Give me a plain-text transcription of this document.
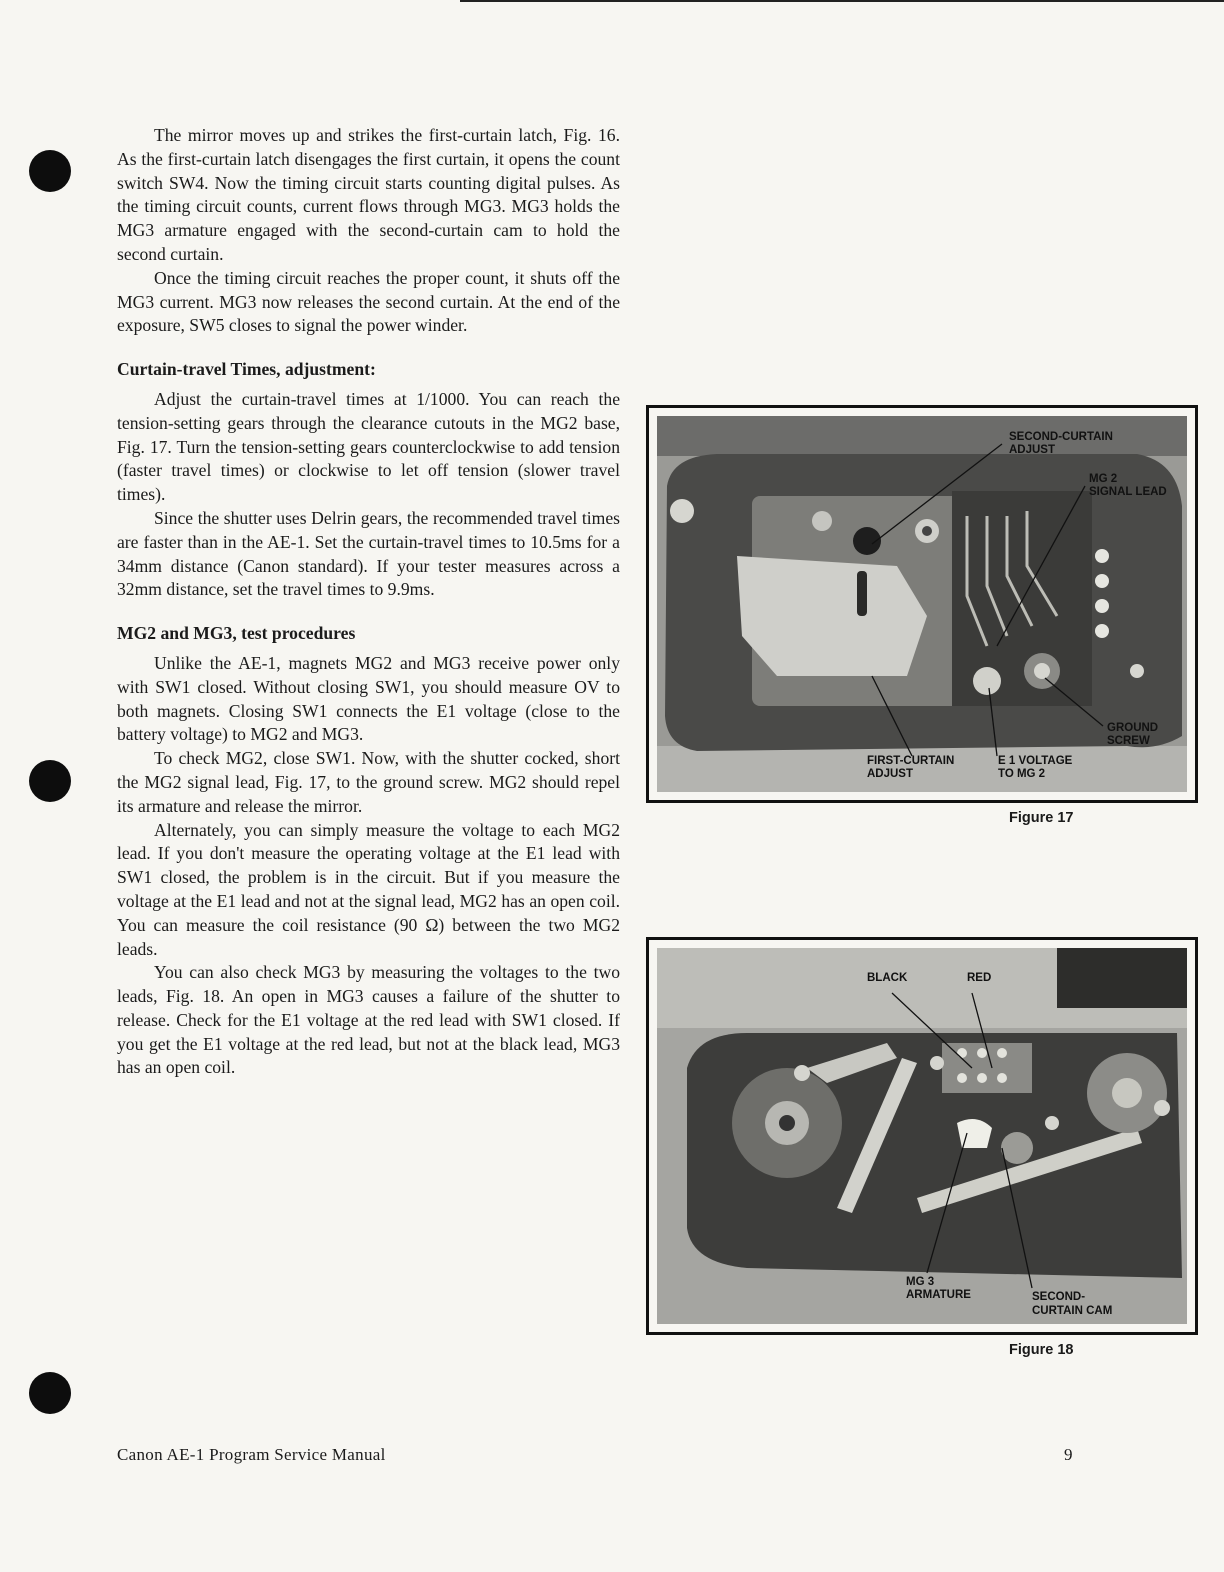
The mirror moves up and strikes the first-curtain latch, Fig. 16. As the first-curtain latch disengages the first curtain, it opens the count switch SW4. Now the timing circuit starts counting digital pulses. As the timing circuit counts, current flows through MG3. MG3 holds the MG3 armature engaged with the second-curtain cam to hold the second curtain.

Once the timing circuit reaches the proper count, it shuts off the MG3 current. MG3 now releases the second curtain. At the end of the exposure, SW5 closes to signal the power winder.

Curtain-travel Times, adjustment:

Adjust the curtain-travel times at 1/1000. You can reach the tension-setting gears through the clearance cutouts in the MG2 base, Fig. 17. Turn the tension-setting gears counterclockwise to add tension (faster travel times) or clockwise to let off tension (slower travel times).

Since the shutter uses Delrin gears, the recommended travel times are faster than in the AE-1. Set the curtain-travel times to 10.5ms for a 34mm distance (Canon standard). If your tester measures across a 32mm distance, set the travel times to 9.9ms.

MG2 and MG3, test procedures

Unlike the AE-1, magnets MG2 and MG3 receive power only with SW1 closed. Without closing SW1, you should measure OV to both magnets. Closing SW1 connects the E1 voltage (close to the battery voltage) to MG2 and MG3.

To check MG2, close SW1. Now, with the shutter cocked, short the MG2 signal lead, Fig. 17, to the ground screw. MG2 should repel its armature and release the mirror.

Alternately, you can simply measure the voltage to each MG2 lead. If you don't measure the operating voltage at the E1 lead with SW1 closed, the problem is in the circuit. But if you measure the voltage at the E1 lead and not at the signal lead, MG2 has an open coil. You can measure the coil resistance (90 Ω) between the two MG2 leads.

You can also check MG3 by measuring the voltages to the two leads, Fig. 18. An open in MG3 causes a failure of the shutter to release. Check for the E1 voltage at the red lead with SW1 closed. If you get the E1 voltage at the red lead, but not at the black lead, MG3 has an open coil.

SECOND-CURTAIN
ADJUST
MG 2
SIGNAL LEAD
GROUND
SCREW
FIRST-CURTAIN
ADJUST
E 1 VOLTAGE
TO MG 2
Figure 17
BLACK	RED
MG 3
ARMATURE	SECOND-
CURTAIN CAM
Figure 18
Canon AE-1 Program Service Manual	9
